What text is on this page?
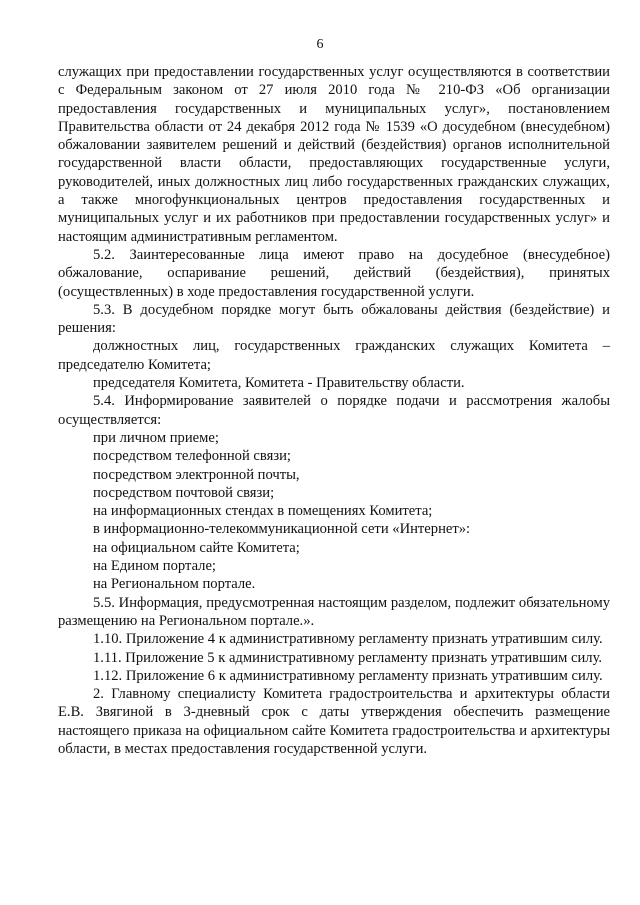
6

служащих при предоставлении государственных услуг осуществляются в соответствии с Федеральным законом от 27 июля 2010 года № 210-ФЗ «Об организации предоставления государственных и муниципальных услуг», постановлением Правительства области от 24 декабря 2012 года № 1539 «О досудебном (внесудебном) обжаловании заявителем решений и действий (бездействия) органов исполнительной государственной власти области, предоставляющих государственные услуги, руководителей, иных должностных лиц либо государственных гражданских служащих, а также многофункциональных центров предоставления государственных и муниципальных услуг и их работников при предоставлении государственных услуг» и настоящим административным регламентом.

5.2. Заинтересованные лица имеют право на досудебное (внесудебное) обжалование, оспаривание решений, действий (бездействия), принятых (осуществленных) в ходе предоставления государственной услуги.

5.3. В досудебном порядке могут быть обжалованы действия (бездействие) и решения:

должностных лиц, государственных гражданских служащих Комитета – председателю Комитета;

председателя Комитета, Комитета - Правительству области.

5.4. Информирование заявителей о порядке подачи и рассмотрения жалобы осуществляется:

при личном приеме;

посредством телефонной связи;

посредством электронной почты,

посредством почтовой связи;

на информационных стендах в помещениях Комитета;

в информационно-телекоммуникационной сети «Интернет»:

на официальном сайте Комитета;

на Едином портале;

на Региональном портале.

5.5. Информация, предусмотренная настоящим разделом, подлежит обязательному размещению на Региональном портале.».

1.10. Приложение 4 к административному регламенту признать утратившим силу.

1.11. Приложение 5 к административному регламенту признать утратившим силу.

1.12. Приложение 6 к административному регламенту признать утратившим силу.

2. Главному специалисту Комитета градостроительства и архитектуры области Е.В. Звягиной в 3-дневный срок с даты утверждения обеспечить размещение настоящего приказа на официальном сайте Комитета градостроительства и архитектуры области, в местах предоставления государственной услуги.
